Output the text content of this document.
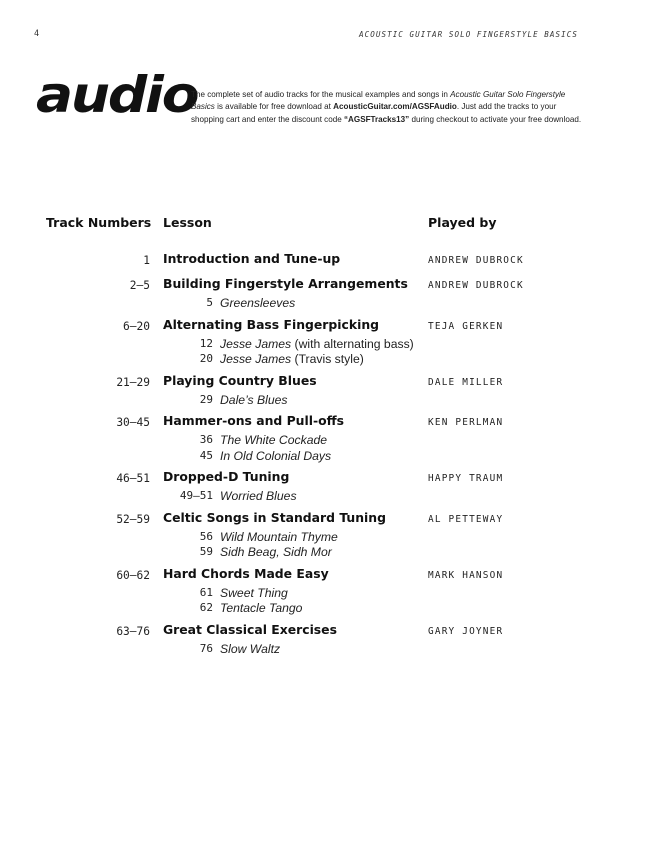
4	ACOUSTIC GUITAR SOLO FINGERSTYLE BASICS
audio
The complete set of audio tracks for the musical examples and songs in Acoustic Guitar Solo Fingerstyle Basics is available for free download at AcousticGuitar.com/AGSFAudio. Just add the tracks to your shopping cart and enter the discount code “AGSFTracks13” during checkout to activate your free download.
Track Numbers Lesson	Played by
1 Introduction and Tune-up	ANDREW DUBROCK
2–5 Building Fingerstyle Arrangements ANDREW DUBROCK
5 Greensleeves
6–20 Alternating Bass Fingerpicking	TEJA GERKEN
12 Jesse James (with alternating bass)
20 Jesse James (Travis style)
21–29 Playing Country Blues	DALE MILLER
29 Dale’s Blues
30–45 Hammer-ons and Pull-offs	KEN PERLMAN
36 The White Cockade
45 In Old Colonial Days
46–51 Dropped-D Tuning	HAPPY TRAUM
49–51 Worried Blues
52–59 Celtic Songs in Standard Tuning	AL PETTEWAY
56 Wild Mountain Thyme
59 Sidh Beag, Sidh Mor
60–62 Hard Chords Made Easy	MARK HANSON
61 Sweet Thing
62 Tentacle Tango
63–76 Great Classical Exercises	GARY JOYNER
76 Slow Waltz
